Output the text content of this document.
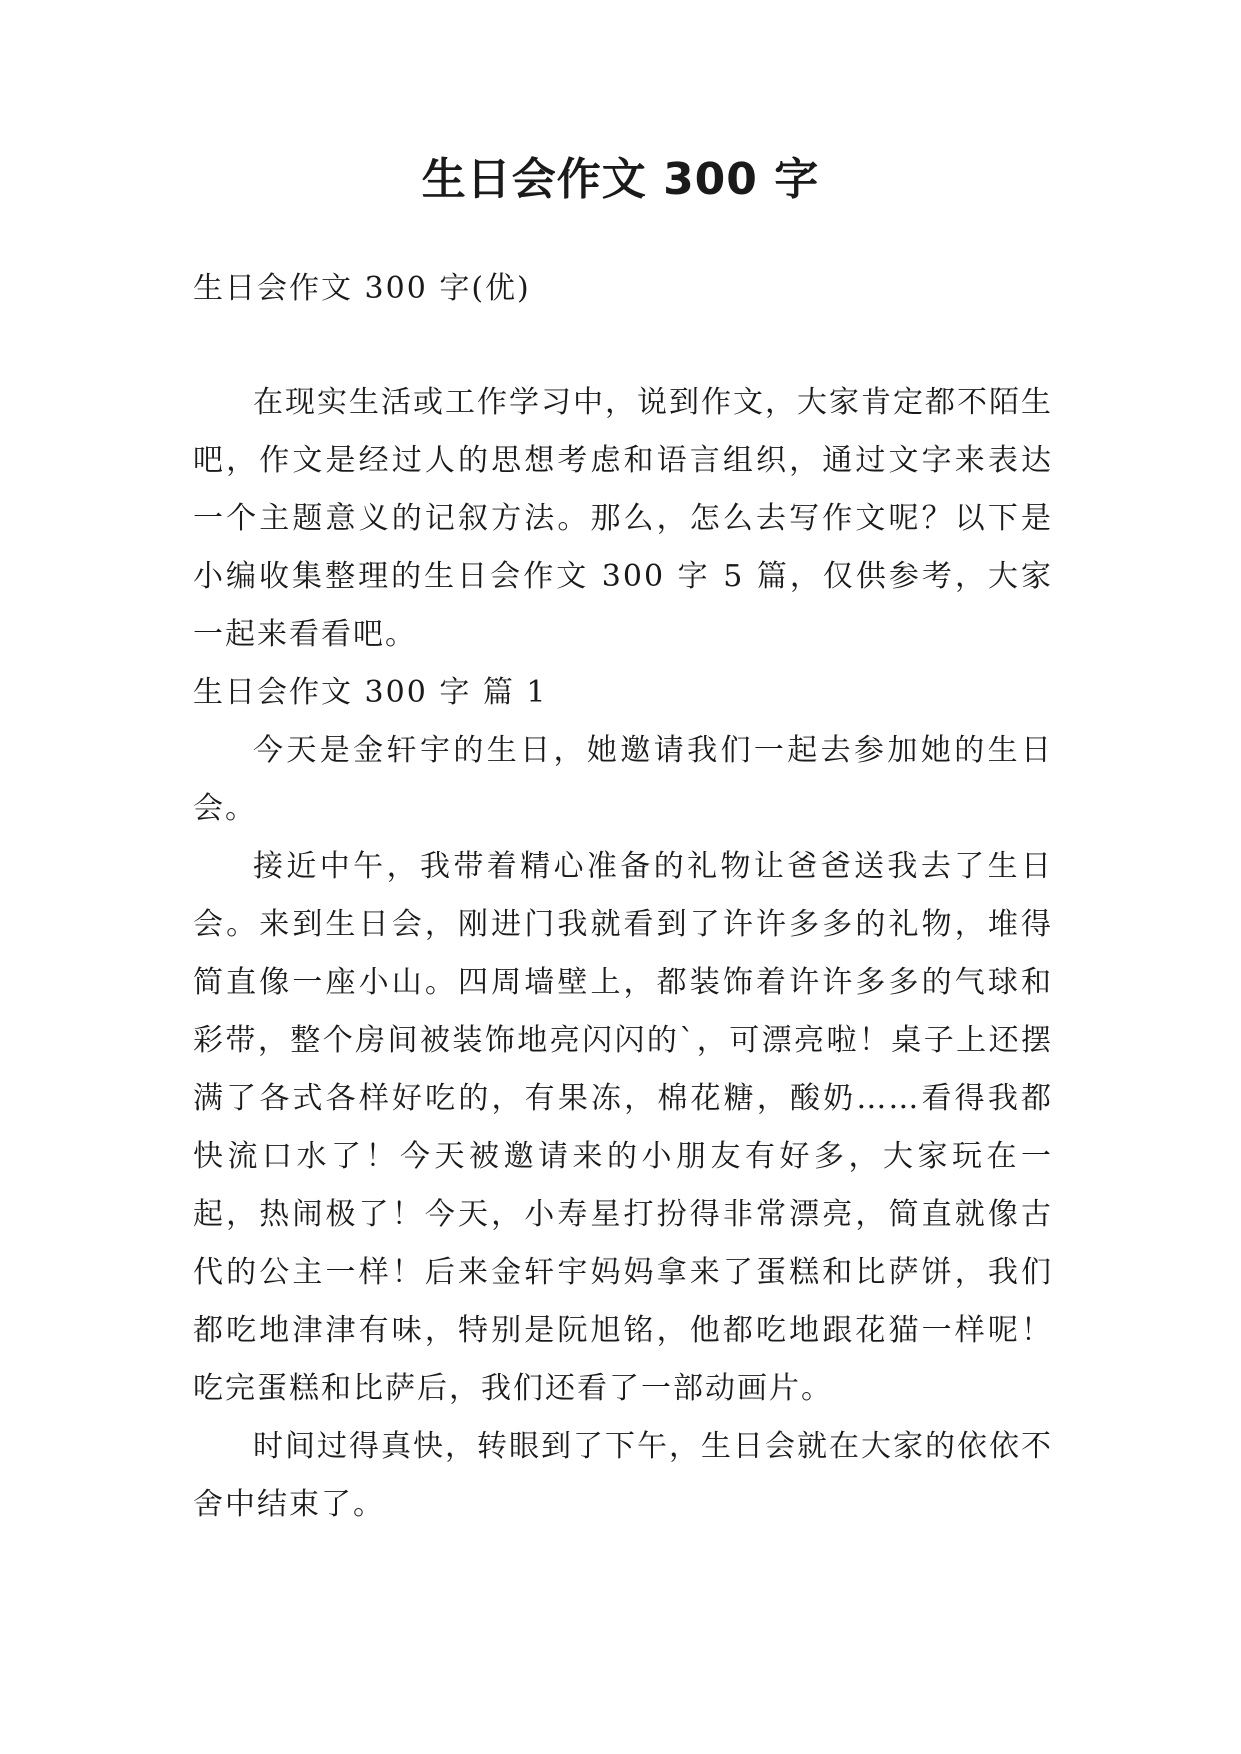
生日会作文 300 字

生日会作文 300 字(优)

在现实生活或工作学习中，说到作文，大家肯定都不陌生吧，作文是经过人的思想考虑和语言组织，通过文字来表达一个主题意义的记叙方法。那么，怎么去写作文呢？以下是小编收集整理的生日会作文 300 字 5 篇，仅供参考，大家一起来看看吧。

生日会作文 300 字 篇 1

今天是金轩宇的生日，她邀请我们一起去参加她的生日会。

接近中午，我带着精心准备的礼物让爸爸送我去了生日会。来到生日会，刚进门我就看到了许许多多的礼物，堆得简直像一座小山。四周墙壁上，都装饰着许许多多的气球和彩带，整个房间被装饰地亮闪闪的`，可漂亮啦！桌子上还摆满了各式各样好吃的，有果冻，棉花糖，酸奶……看得我都快流口水了！今天被邀请来的小朋友有好多，大家玩在一起，热闹极了！今天，小寿星打扮得非常漂亮，简直就像古代的公主一样！后来金轩宇妈妈拿来了蛋糕和比萨饼，我们都吃地津津有味，特别是阮旭铭，他都吃地跟花猫一样呢！吃完蛋糕和比萨后，我们还看了一部动画片。

时间过得真快，转眼到了下午，生日会就在大家的依依不舍中结束了。
